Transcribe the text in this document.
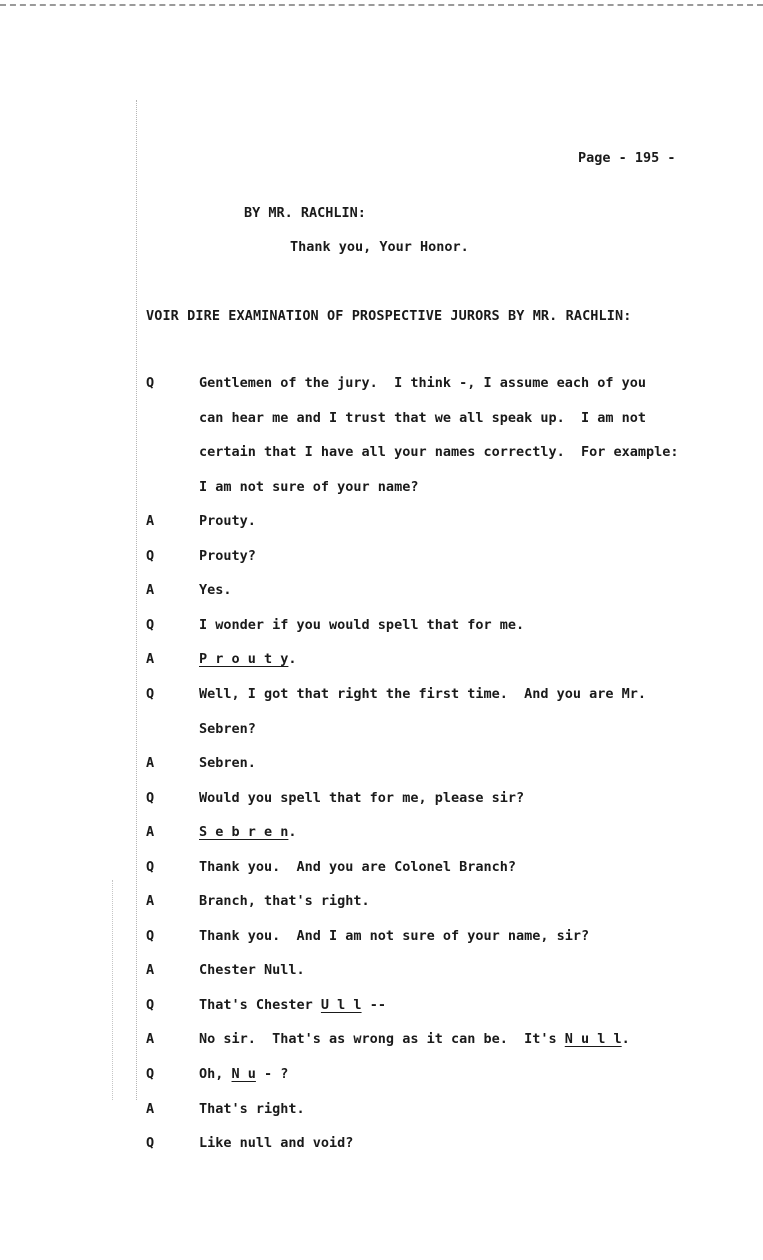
Page - 195 -
BY MR. RACHLIN:
Thank you, Your Honor.
VOIR DIRE EXAMINATION OF PROSPECTIVE JURORS BY MR. RACHLIN:
Q	Gentlemen of the jury.  I think -, I assume each of you
can hear me and I trust that we all speak up.  I am not
certain that I have all your names correctly.  For example:
I am not sure of your name?
A	Prouty.
Q	Prouty?
A	Yes.
Q	I wonder if you would spell that for me.
A	P r o u t y.
Q	Well, I got that right the first time.  And you are Mr.
Sebren?
A	Sebren.
Q	Would you spell that for me, please sir?
A	S e b r e n.
Q	Thank you.  And you are Colonel Branch?
A	Branch, that's right.
Q	Thank you.  And I am not sure of your name, sir?
A	Chester Null.
Q	That's Chester U l l --
A	No sir.  That's as wrong as it can be.  It's N u l l.
Q	Oh, N u - ?
A	That's right.
Q	Like null and void?
